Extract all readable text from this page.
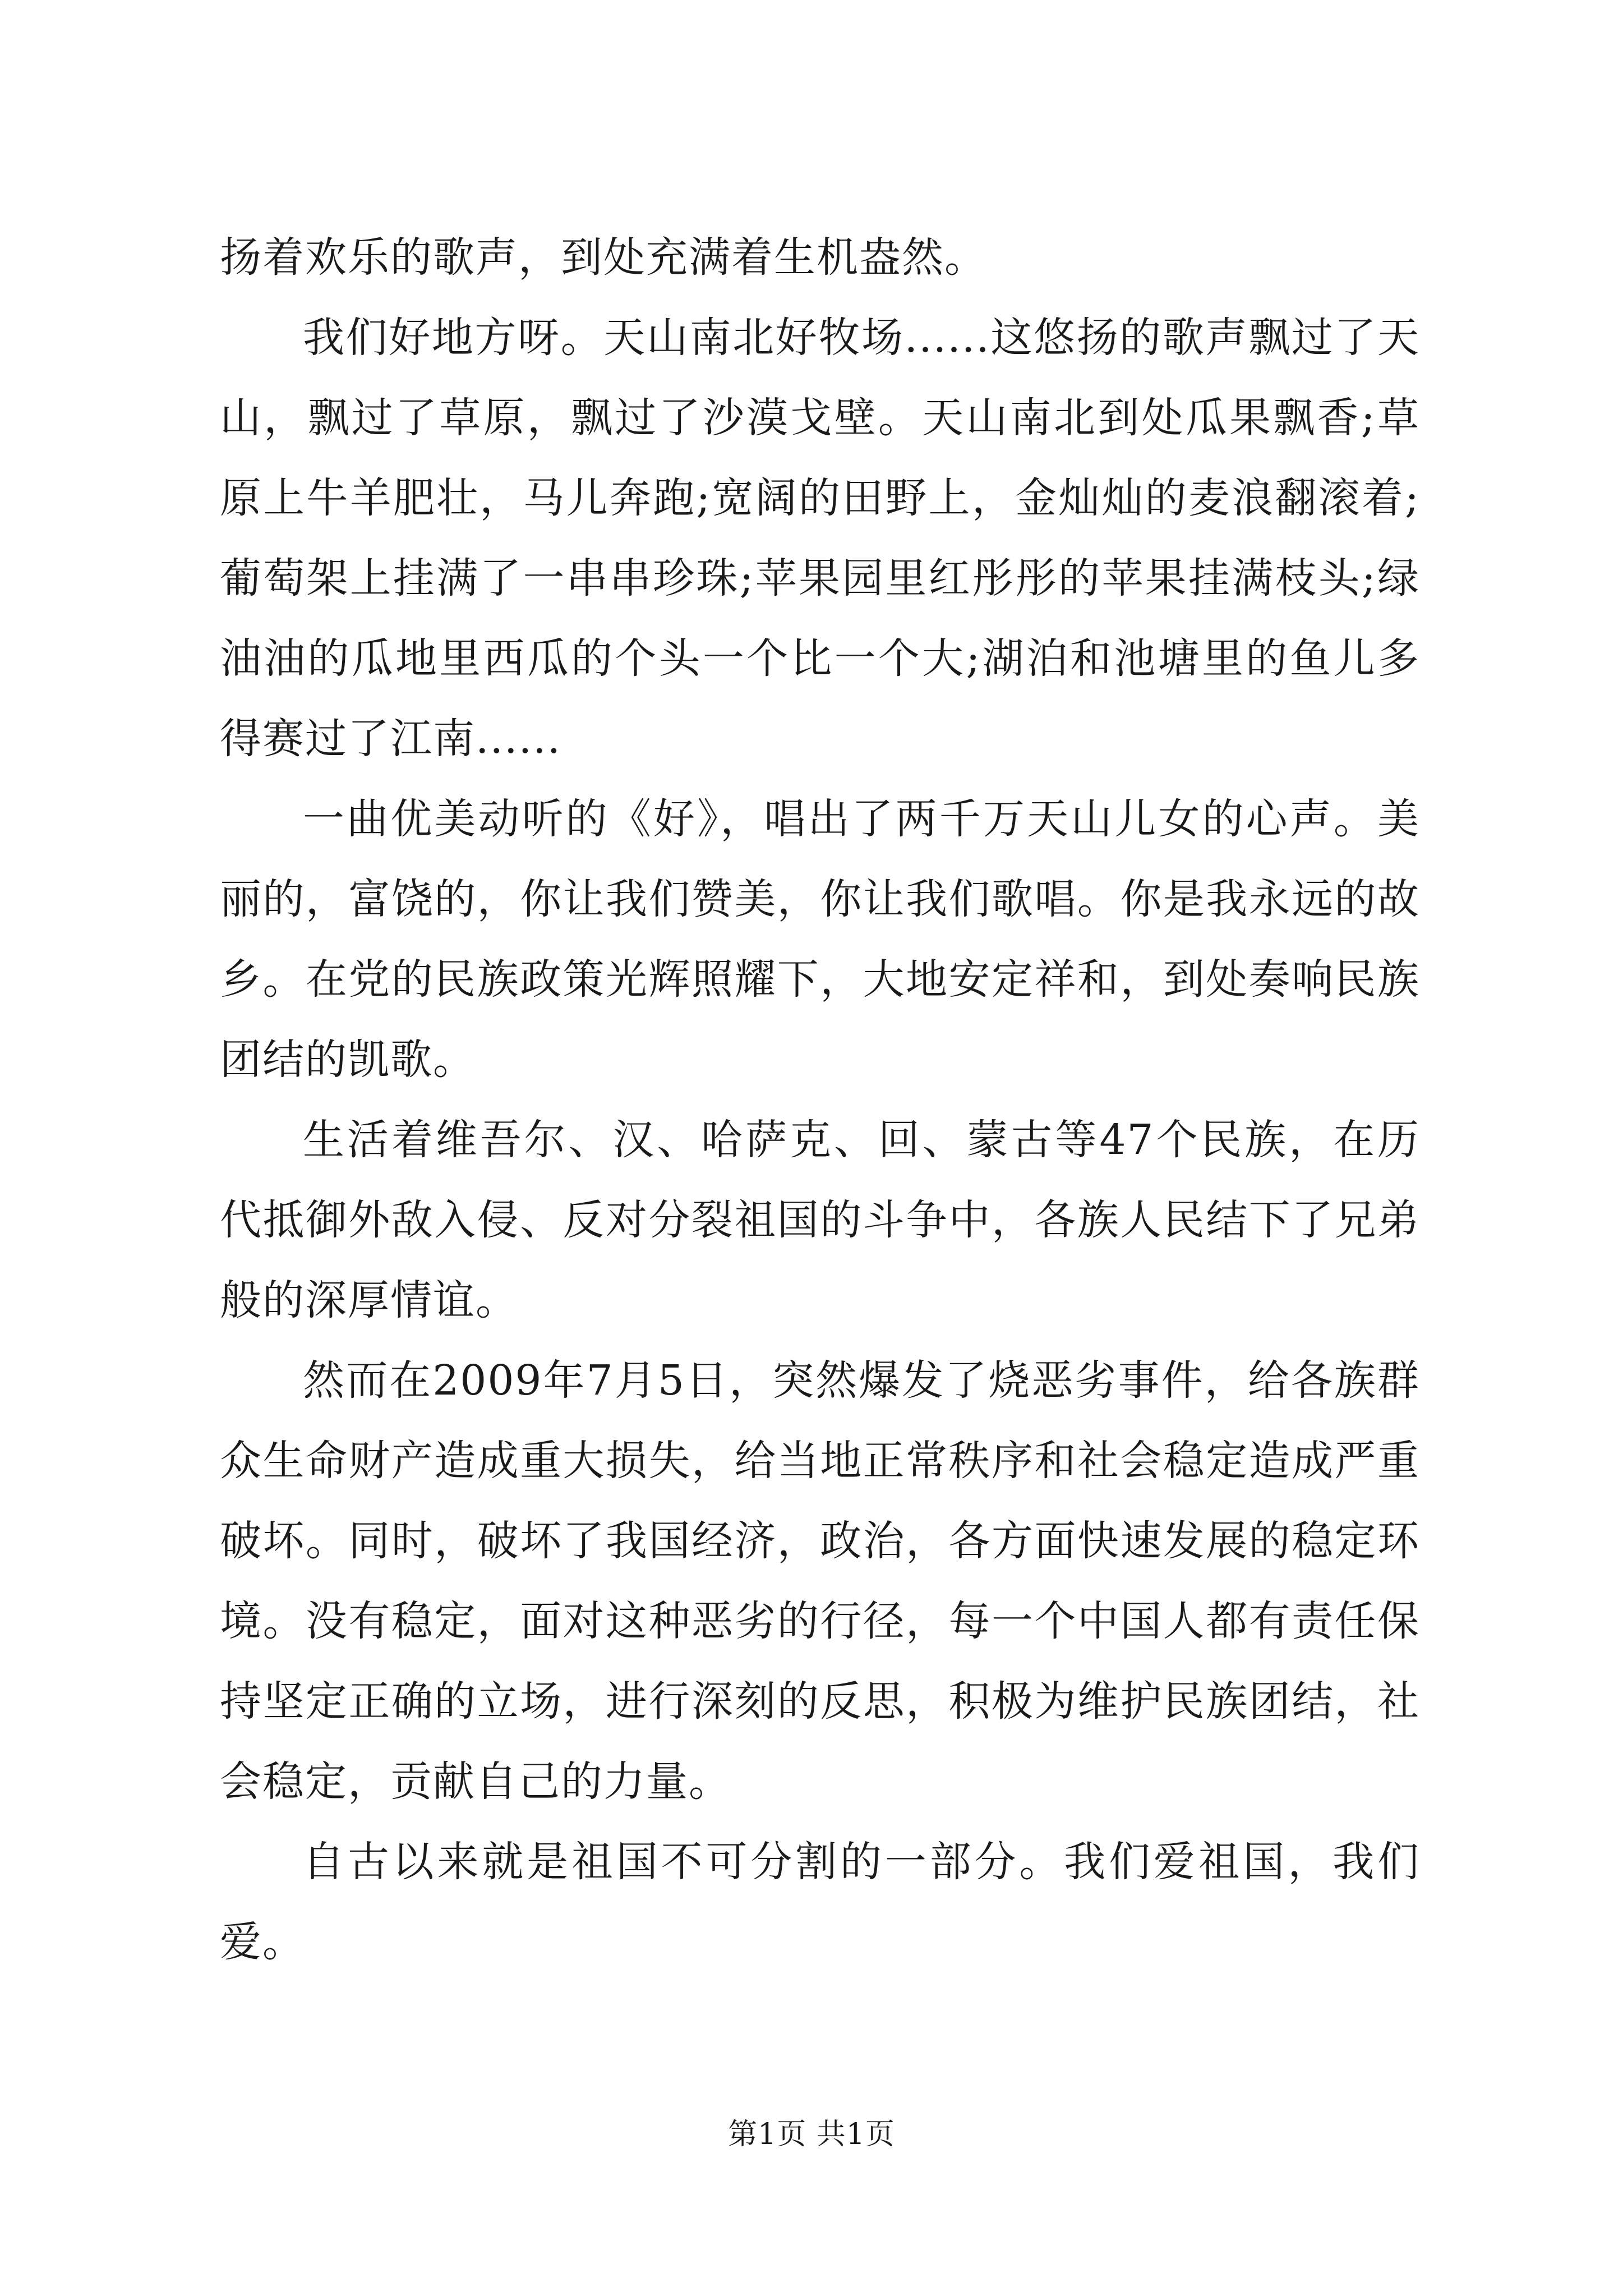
扬着欢乐的歌声，到处充满着生机盎然。

我们好地方呀。天山南北好牧场......这悠扬的歌声飘过了天山，飘过了草原，飘过了沙漠戈壁。天山南北到处瓜果飘香;草原上牛羊肥壮，马儿奔跑;宽阔的田野上，金灿灿的麦浪翻滚着;葡萄架上挂满了一串串珍珠;苹果园里红彤彤的苹果挂满枝头;绿油油的瓜地里西瓜的个头一个比一个大;湖泊和池塘里的鱼儿多得赛过了江南......

一曲优美动听的《好》，唱出了两千万天山儿女的心声。美丽的，富饶的，你让我们赞美，你让我们歌唱。你是我永远的故乡。在党的民族政策光辉照耀下，大地安定祥和，到处奏响民族团结的凯歌。

生活着维吾尔、汉、哈萨克、回、蒙古等47个民族，在历代抵御外敌入侵、反对分裂祖国的斗争中，各族人民结下了兄弟般的深厚情谊。

然而在2009年7月5日，突然爆发了烧恶劣事件，给各族群众生命财产造成重大损失，给当地正常秩序和社会稳定造成严重破坏。同时，破坏了我国经济，政治，各方面快速发展的稳定环境。没有稳定，面对这种恶劣的行径，每一个中国人都有责任保持坚定正确的立场，进行深刻的反思，积极为维护民族团结，社会稳定，贡献自己的力量。

自古以来就是祖国不可分割的一部分。我们爱祖国，我们爱。

第1页 共1页
